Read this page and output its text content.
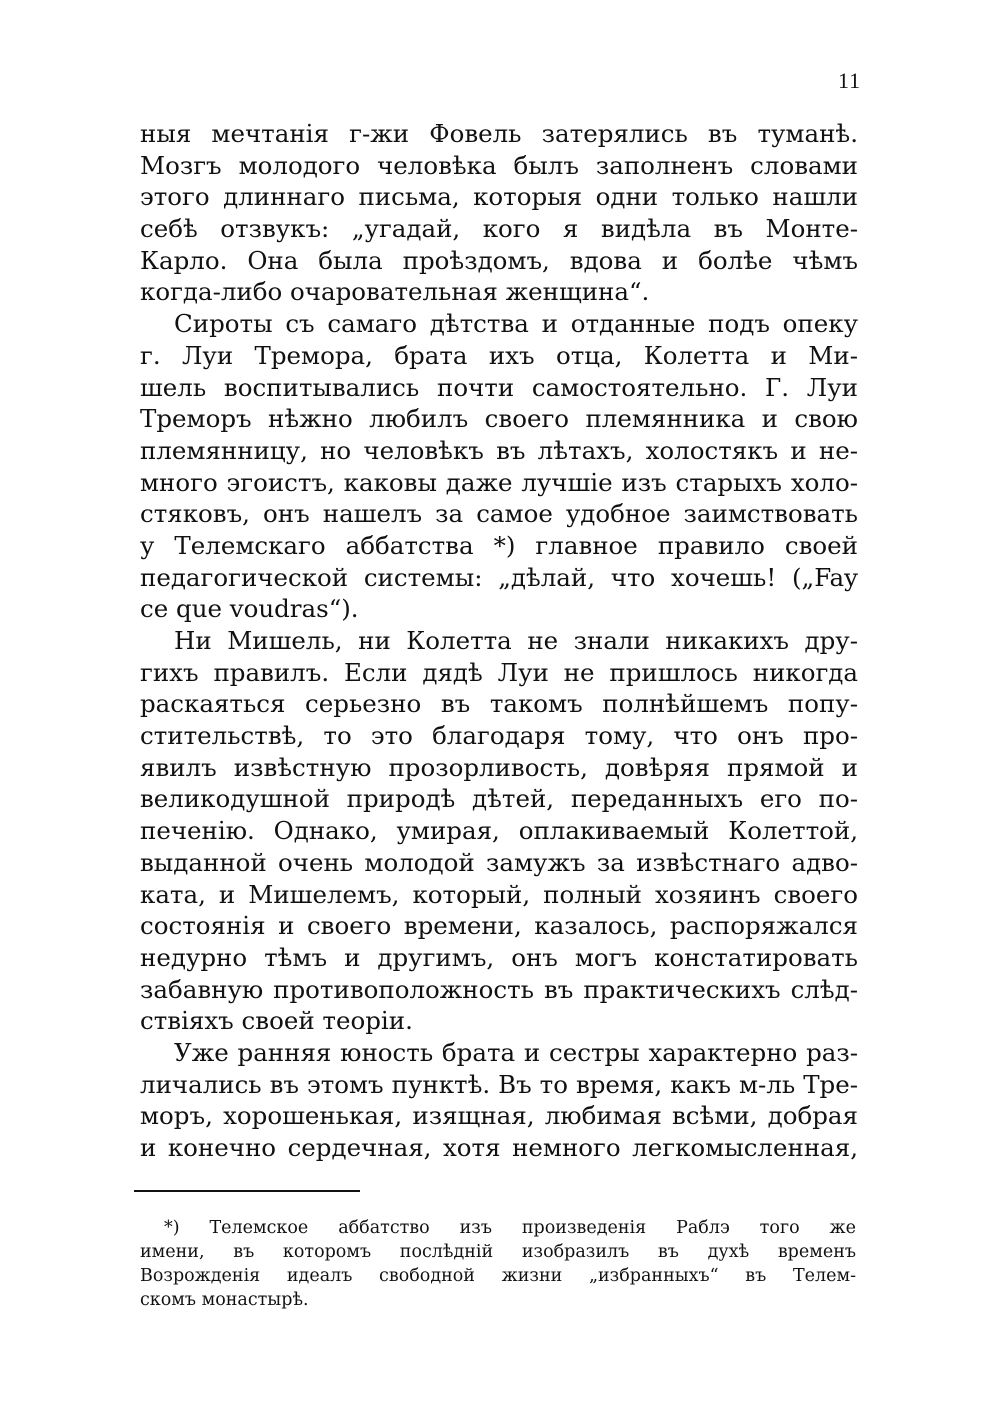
11
ныя мечтанія г-жи Фовель затерялись въ туманѣ.
Мозгъ молодого человѣка былъ заполненъ словами
этого длиннаго письма, которыя одни только нашли
себѣ отзвукъ: „угадай, кого я видѣла въ Монте-
Карло. Она была проѣздомъ, вдова и болѣе чѣмъ
когда-либо очаровательная женщина“.
Сироты съ самаго дѣтства и отданные подъ опеку
г. Луи Тремора, брата ихъ отца, Колетта и Ми-
шель воспитывались почти самостоятельно. Г. Луи
Треморъ нѣжно любилъ своего племянника и свою
племянницу, но человѣкъ въ лѣтахъ, холостякъ и не-
много эгоистъ, каковы даже лучшіе изъ старыхъ холо-
стяковъ, онъ нашелъ за самое удобное заимствовать
у Телемскаго аббатства *) главное правило своей
педагогической системы: „дѣлай, что хочешь! („Fay
ce que voudras“).
Ни Мишель, ни Колетта не знали никакихъ дру-
гихъ правилъ. Если дядѣ Луи не пришлось никогда
раскаяться серьезно въ такомъ полнѣйшемъ попу-
стительствѣ, то это благодаря тому, что онъ про-
явилъ извѣстную прозорливость, довѣряя прямой и
великодушной природѣ дѣтей, переданныхъ его по-
печенію. Однако, умирая, оплакиваемый Колеттой,
выданной очень молодой замужъ за извѣстнаго адво-
ката, и Мишелемъ, который, полный хозяинъ своего
состоянія и своего времени, казалось, распоряжался
недурно тѣмъ и другимъ, онъ могъ констатировать
забавную противоположность въ практическихъ слѣд-
ствіяхъ своей теоріи.
Уже ранняя юность брата и сестры характерно раз-
личались въ этомъ пунктѣ. Въ то время, какъ м-ль Тре-
моръ, хорошенькая, изящная, любимая всѣми, добрая
и конечно сердечная, хотя немного легкомысленная,
*) Телемское аббатство изъ произведенія Раблэ того же
имени, въ которомъ послѣдній изобразилъ въ духѣ временъ
Возрожденія идеалъ свободной жизни „избранныхъ“ въ Телем-
скомъ монастырѣ.
